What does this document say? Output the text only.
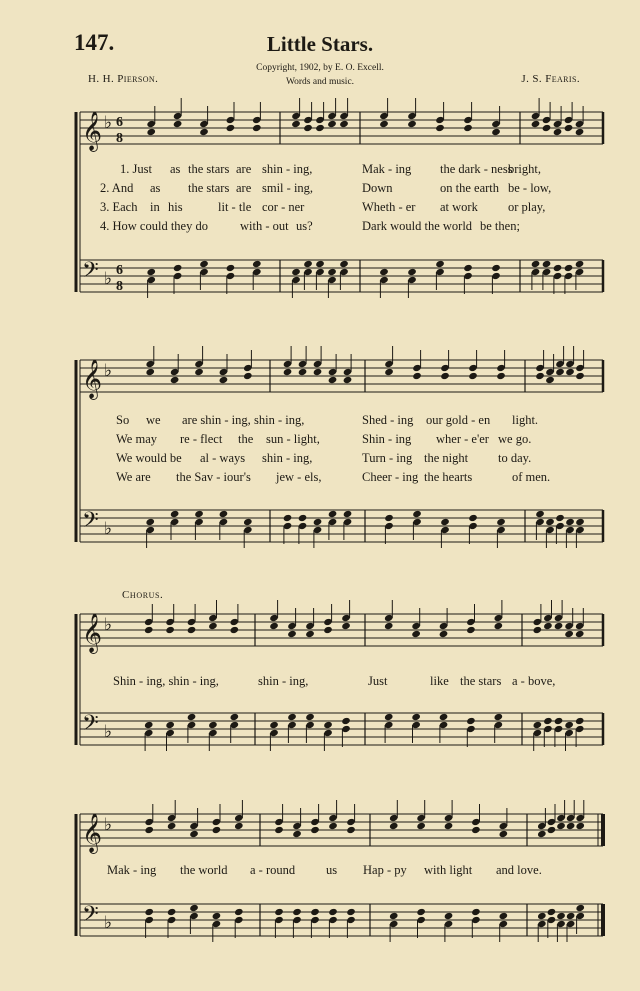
147.	Little Stars.
Copyright, 1902, by E. O. Excell.
Words and music.
H. H. Pierson.	J. S. Fearis.
Chorus.
𝄞 ♭ 6
8
𝄢 ♭ 6
8
𝄞 ♭
𝄢 ♭
𝄞 ♭
𝄢 ♭
𝄞 ♭
𝄢 ♭
1. Just as the stars are shin - ing,	Mak - ing the dark - ness
bright,
2. And as the stars are smil - ing,	Down	on the earth be - low,
3. Each in his	lit - tle cor - ner	Wheth - er at work or play,
4. How could they do	with - out us?	Dark would the world be then;
So we are shin - ing, shin - ing,	Shed - ing our gold - en light.
We may re - flect the sun - light,	Shin - ing wher - e'er we go.
We would be al - ways shin - ing,	Turn - ing the night to day.
We are the Sav - iour's jew - els,	Cheer - ing the hearts	of men.
Shin - ing, shin - ing,	shin - ing,	Just	like the stars a - bove,
Mak - ing the world a - round us Hap - py with light and love.
